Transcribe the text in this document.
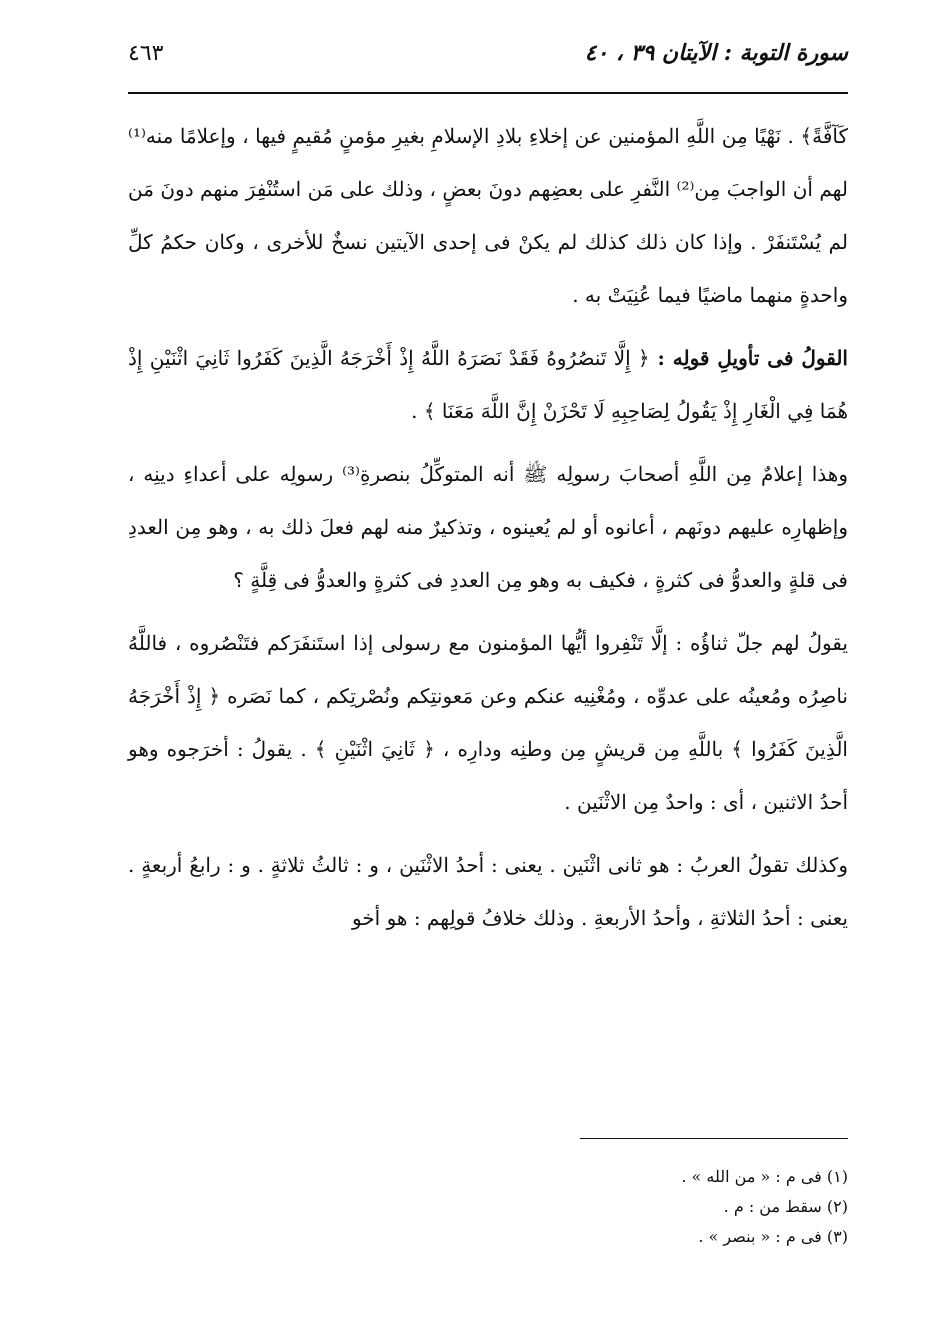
سورة التوبة : الآيتان ٣٩ ، ٤٠
٤٦٣

كَآفَّةً﴾ . نَهْيًا مِن اللَّهِ المؤمنين عن إخلاءِ بلادِ الإسلامِ بغيرِ مؤمنٍ مُقيمٍ فيها ، وإعلامًا منه⁽¹⁾ لهم أن الواجبَ مِن⁽²⁾ النَّفرِ على بعضِهم دونَ بعضٍ ، وذلك على مَن استُنْفِرَ منهم دونَ مَن لم يُسْتَنفَرْ . وإذا كان ذلك كذلك لم يكنْ فى إحدى الآيتين نسخٌ للأخرى ، وكان حكمُ كلِّ واحدةٍ منهما ماضيًا فيما عُنِيَتْ به .

القولُ فى تأويلِ قولِه : ﴿ إِلَّا تَنصُرُوهُ فَقَدْ نَصَرَهُ اللَّهُ إِذْ أَخْرَجَهُ الَّذِينَ كَفَرُوا ثَانِيَ اثْنَيْنِ إِذْ هُمَا فِي الْغَارِ إِذْ يَقُولُ لِصَاحِبِهِ لَا تَحْزَنْ إِنَّ اللَّهَ مَعَنَا ﴾ .

وهذا إعلامٌ مِن اللَّهِ أصحابَ رسولِه ﷺ أنه المتوكِّلُ بنصرةِ⁽³⁾ رسولِه على أعداءِ دينِه ، وإظهارِه عليهم دونَهم ، أعانوه أو لم يُعينوه ، وتذكيرٌ منه لهم فعلَ ذلك به ، وهو مِن العددِ فى قلةٍ والعدوُّ فى كثرةٍ ، فكيف به وهو مِن العددِ فى كثرةٍ والعدوُّ فى قِلَّةٍ ؟

يقولُ لهم جلّ ثناؤُه : إلَّا تَنْفِروا أيُّها المؤمنون مع رسولى إذا استَنفَرَكم فتَنْصُروه ، فاللَّهُ ناصِرُه ومُعينُه على عدوِّه ، ومُغْنِيه عنكم وعن مَعونتِكم ونُصْرتِكم ، كما نَصَره ﴿ إِذْ أَخْرَجَهُ الَّذِينَ كَفَرُوا ﴾ باللَّهِ مِن قريشٍ مِن وطنِه ودارِه ، ﴿ ثَانِيَ اثْنَيْنِ ﴾ . يقولُ : أخرَجوه وهو أحدُ الاثنين ، أى : واحدٌ مِن الاثْنَين .

وكذلك تقولُ العربُ : هو ثانى اثْنَين . يعنى : أحدُ الاثْنَين ، و : ثالثُ ثلاثةٍ . و : رابعُ أربعةٍ . يعنى : أحدُ الثلاثةِ ، وأحدُ الأربعةِ . وذلك خلافُ قولِهم : هو أخو

(١) فى م : « من الله » .

(٢) سقط من : م .

(٣) فى م : « بنصر » .
